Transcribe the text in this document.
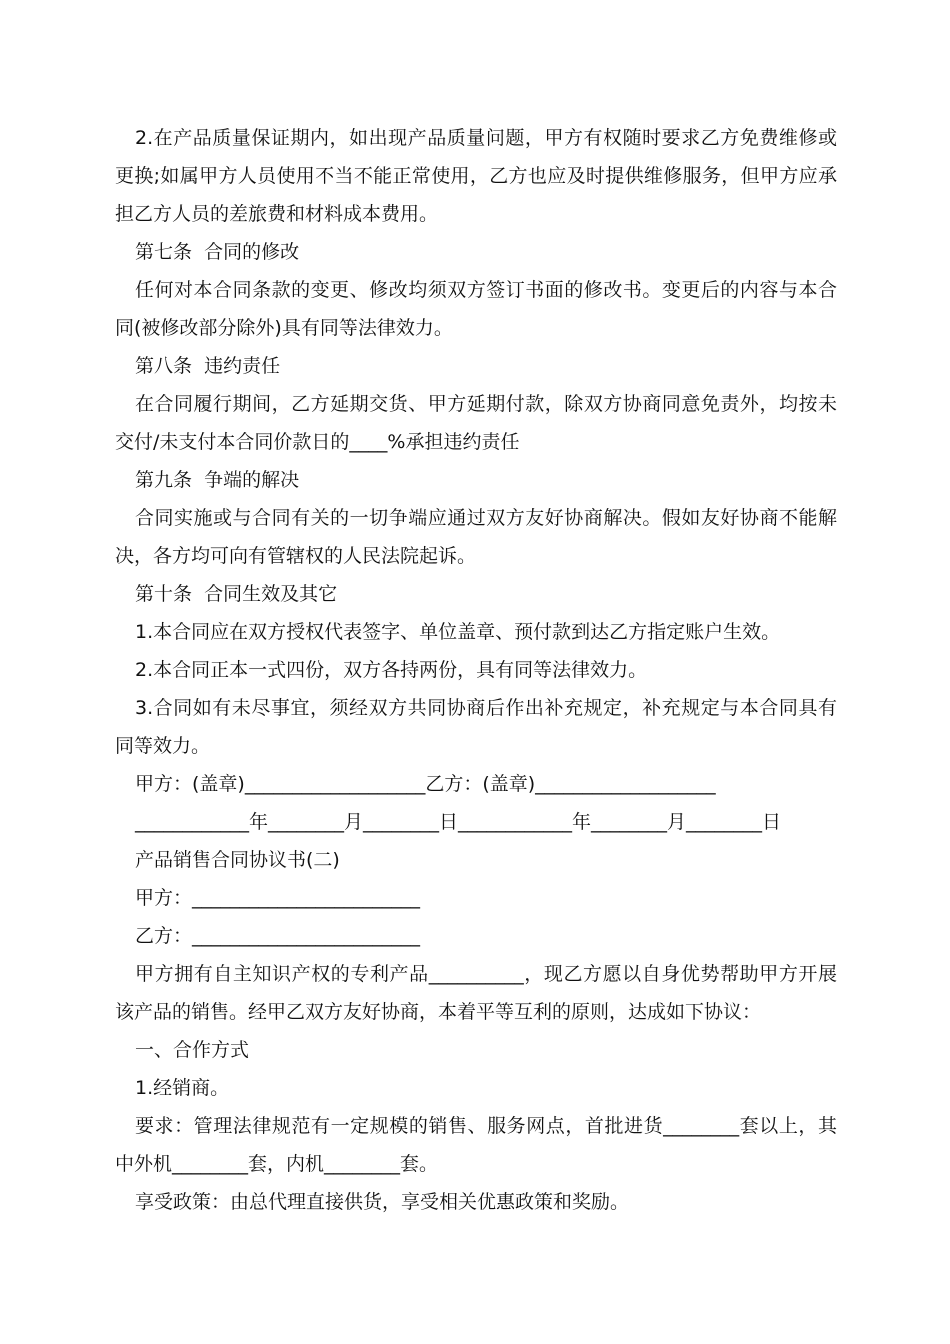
2.在产品质量保证期内，如出现产品质量问题，甲方有权随时要求乙方免费维修或
更换;如属甲方人员使用不当不能正常使用，乙方也应及时提供维修服务，但甲方应承
担乙方人员的差旅费和材料成本费用。
第七条  合同的修改
任何对本合同条款的变更、修改均须双方签订书面的修改书。变更后的内容与本合
同(被修改部分除外)具有同等法律效力。
第八条  违约责任
在合同履行期间，乙方延期交货、甲方延期付款，除双方协商同意免责外，均按未
交付/未支付本合同价款日的____%承担违约责任
第九条  争端的解决
合同实施或与合同有关的一切争端应通过双方友好协商解决。假如友好协商不能解
决，各方均可向有管辖权的人民法院起诉。
第十条  合同生效及其它
1.本合同应在双方授权代表签字、单位盖章、预付款到达乙方指定账户生效。
2.本合同正本一式四份，双方各持两份，具有同等法律效力。
3.合同如有未尽事宜，须经双方共同协商后作出补充规定，补充规定与本合同具有
同等效力。
甲方：(盖章)___________________乙方：(盖章)___________________
____________年________月________日____________年________月________日
产品销售合同协议书(二)
甲方：________________________
乙方：________________________
甲方拥有自主知识产权的专利产品__________，现乙方愿以自身优势帮助甲方开展
该产品的销售。经甲乙双方友好协商，本着平等互利的原则，达成如下协议：
一、合作方式
1.经销商。
要求：管理法律规范有一定规模的销售、服务网点，首批进货________套以上，其
中外机________套，内机________套。
享受政策：由总代理直接供货，享受相关优惠政策和奖励。
